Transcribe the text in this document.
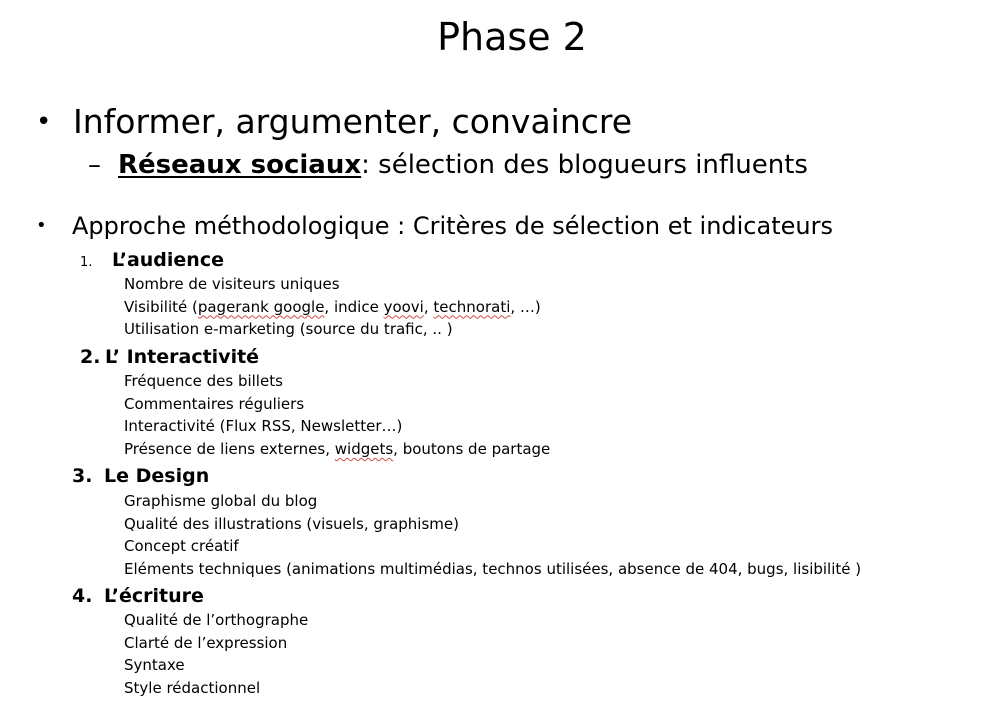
Phase 2
• Informer, argumenter, convaincre
– Réseaux sociaux: sélection des blogueurs influents
• Approche méthodologique : Critères de sélection et indicateurs
1. L’audience
Nombre de visiteurs uniques
Visibilité (pagerank google, indice yoovi, technorati, …)
Utilisation e-marketing (source du trafic, .. )
2. L’ Interactivité
Fréquence des billets
Commentaires réguliers
Interactivité (Flux RSS, Newsletter…)
Présence de liens externes, widgets, boutons de partage
3. Le Design
Graphisme global du blog
Qualité des illustrations (visuels, graphisme)
Concept créatif
Eléments techniques (animations multimédias, technos utilisées, absence de 404, bugs, lisibilité )
4. L’écriture
Qualité de l’orthographe
Clarté de l’expression
Syntaxe
Style rédactionnel
